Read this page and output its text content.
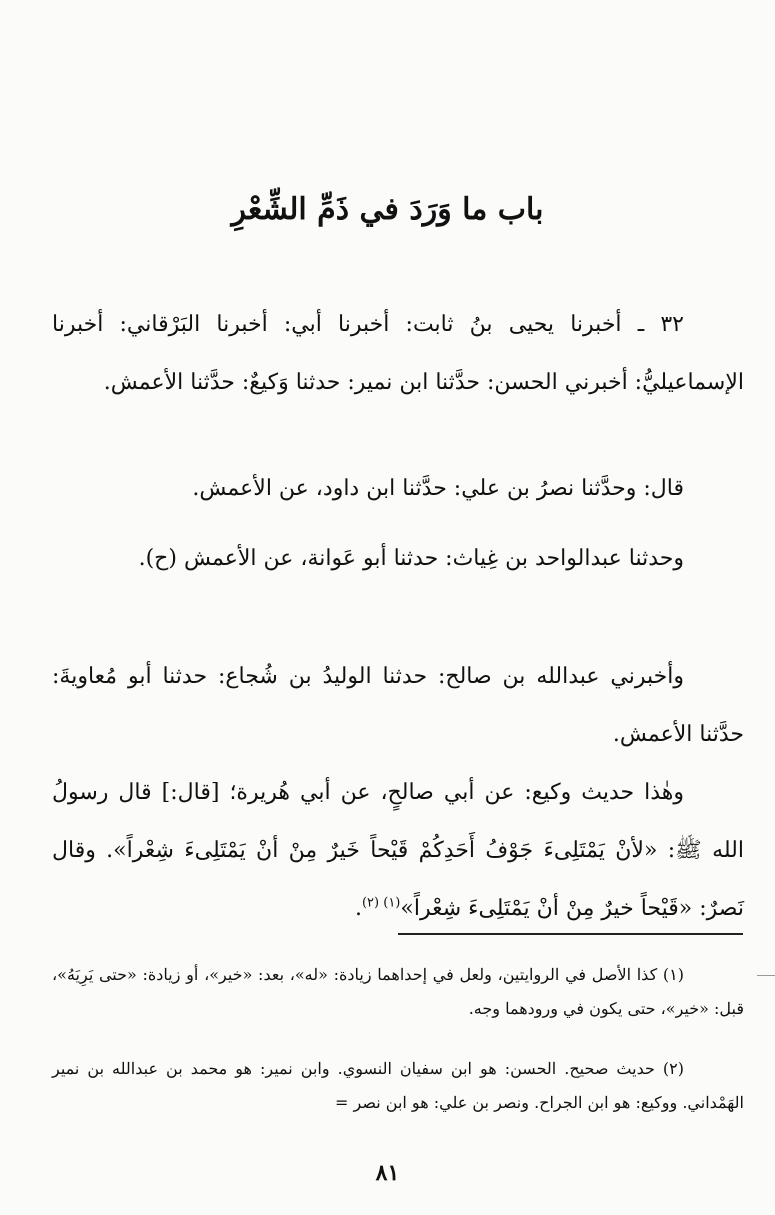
باب ما وَرَدَ في ذَمِّ الشِّعْرِ

٣٢ ـ أخبرنا يحيى بنُ ثابت: أخبرنا أبي: أخبرنا البَرْقاني: أخبرنا الإسماعيليُّ: أخبرني الحسن: حدَّثنا ابن نمير: حدثنا وَكيعٌ: حدَّثنا الأعمش.

قال: وحدَّثنا نصرُ بن علي: حدَّثنا ابن داود، عن الأعمش.

وحدثنا عبدالواحد بن غِياث: حدثنا أبو عَوانة، عن الأعمش (ح).

وأخبرني عبدالله بن صالح: حدثنا الوليدُ بن شُجاع: حدثنا أبو مُعاويةَ: حدَّثنا الأعمش.

وهٰذا حديث وكيع: عن أبي صالحٍ، عن أبي هُريرة؛ [قال:] قال رسولُ الله ﷺ: «لأنْ يَمْتَلِىءَ جَوْفُ أَحَدِكُمْ قَيْحاً خَيرٌ مِنْ أنْ يَمْتَلِىءَ شِعْراً». وقال نَصرٌ: «قَيْحاً خيرٌ مِنْ أنْ يَمْتَلِىءَ شِعْراً»$^{(١) (٢)}$.

(١) كذا الأصل في الروايتين، ولعل في إحداهما زيادة: «له»، بعد: «خير»، أو زيادة: «حتى يَرِيَهُ»، قبل: «خير»، حتى يكون في ورودهما وجه.

(٢) حديث صحيح. الحسن: هو ابن سفيان النسوي. وابن نمير: هو محمد بن عبدالله بن نمير الهَمْداني. ووكيع: هو ابن الجراح. ونصر بن علي: هو ابن نصر =

٨١
